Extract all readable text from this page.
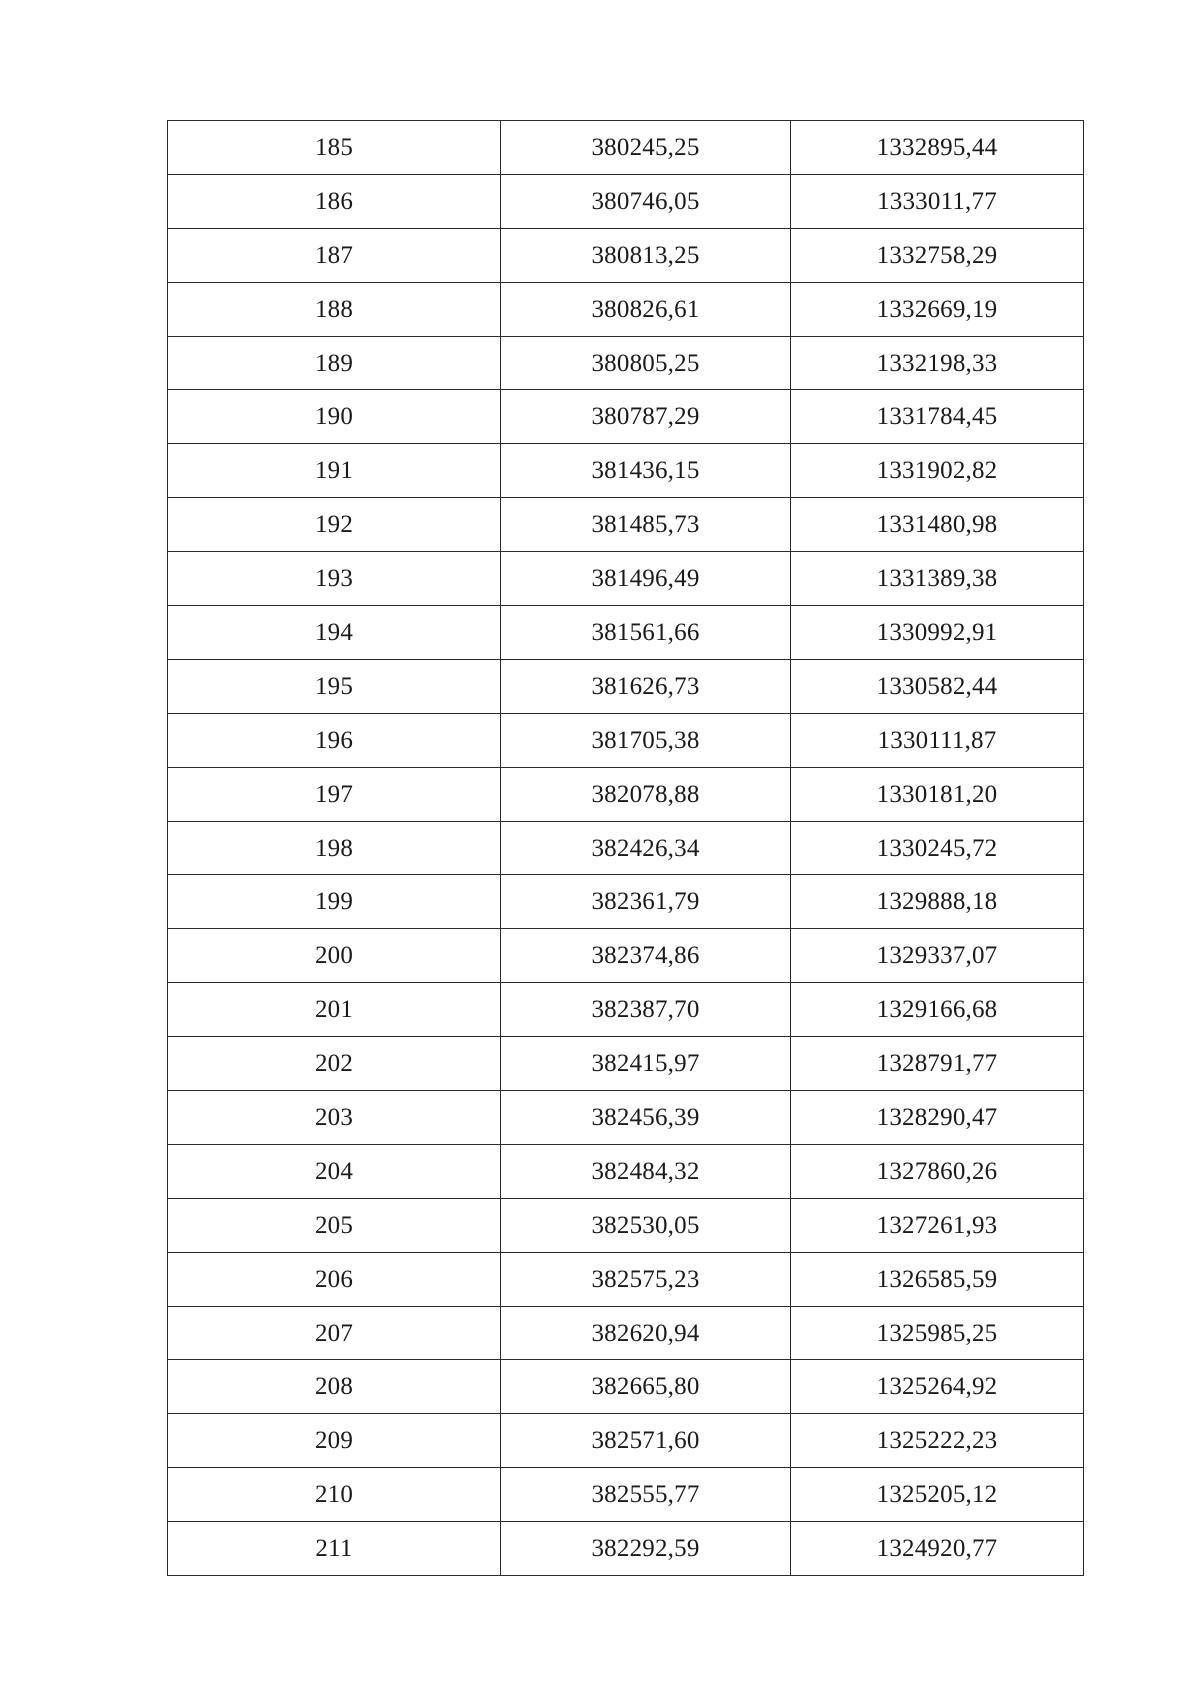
185	380245,25	1332895,44
186	380746,05	1333011,77
187	380813,25	1332758,29
188	380826,61	1332669,19
189	380805,25	1332198,33
190	380787,29	1331784,45
191	381436,15	1331902,82
192	381485,73	1331480,98
193	381496,49	1331389,38
194	381561,66	1330992,91
195	381626,73	1330582,44
196	381705,38	1330111,87
197	382078,88	1330181,20
198	382426,34	1330245,72
199	382361,79	1329888,18
200	382374,86	1329337,07
201	382387,70	1329166,68
202	382415,97	1328791,77
203	382456,39	1328290,47
204	382484,32	1327860,26
205	382530,05	1327261,93
206	382575,23	1326585,59
207	382620,94	1325985,25
208	382665,80	1325264,92
209	382571,60	1325222,23
210	382555,77	1325205,12
211	382292,59	1324920,77
